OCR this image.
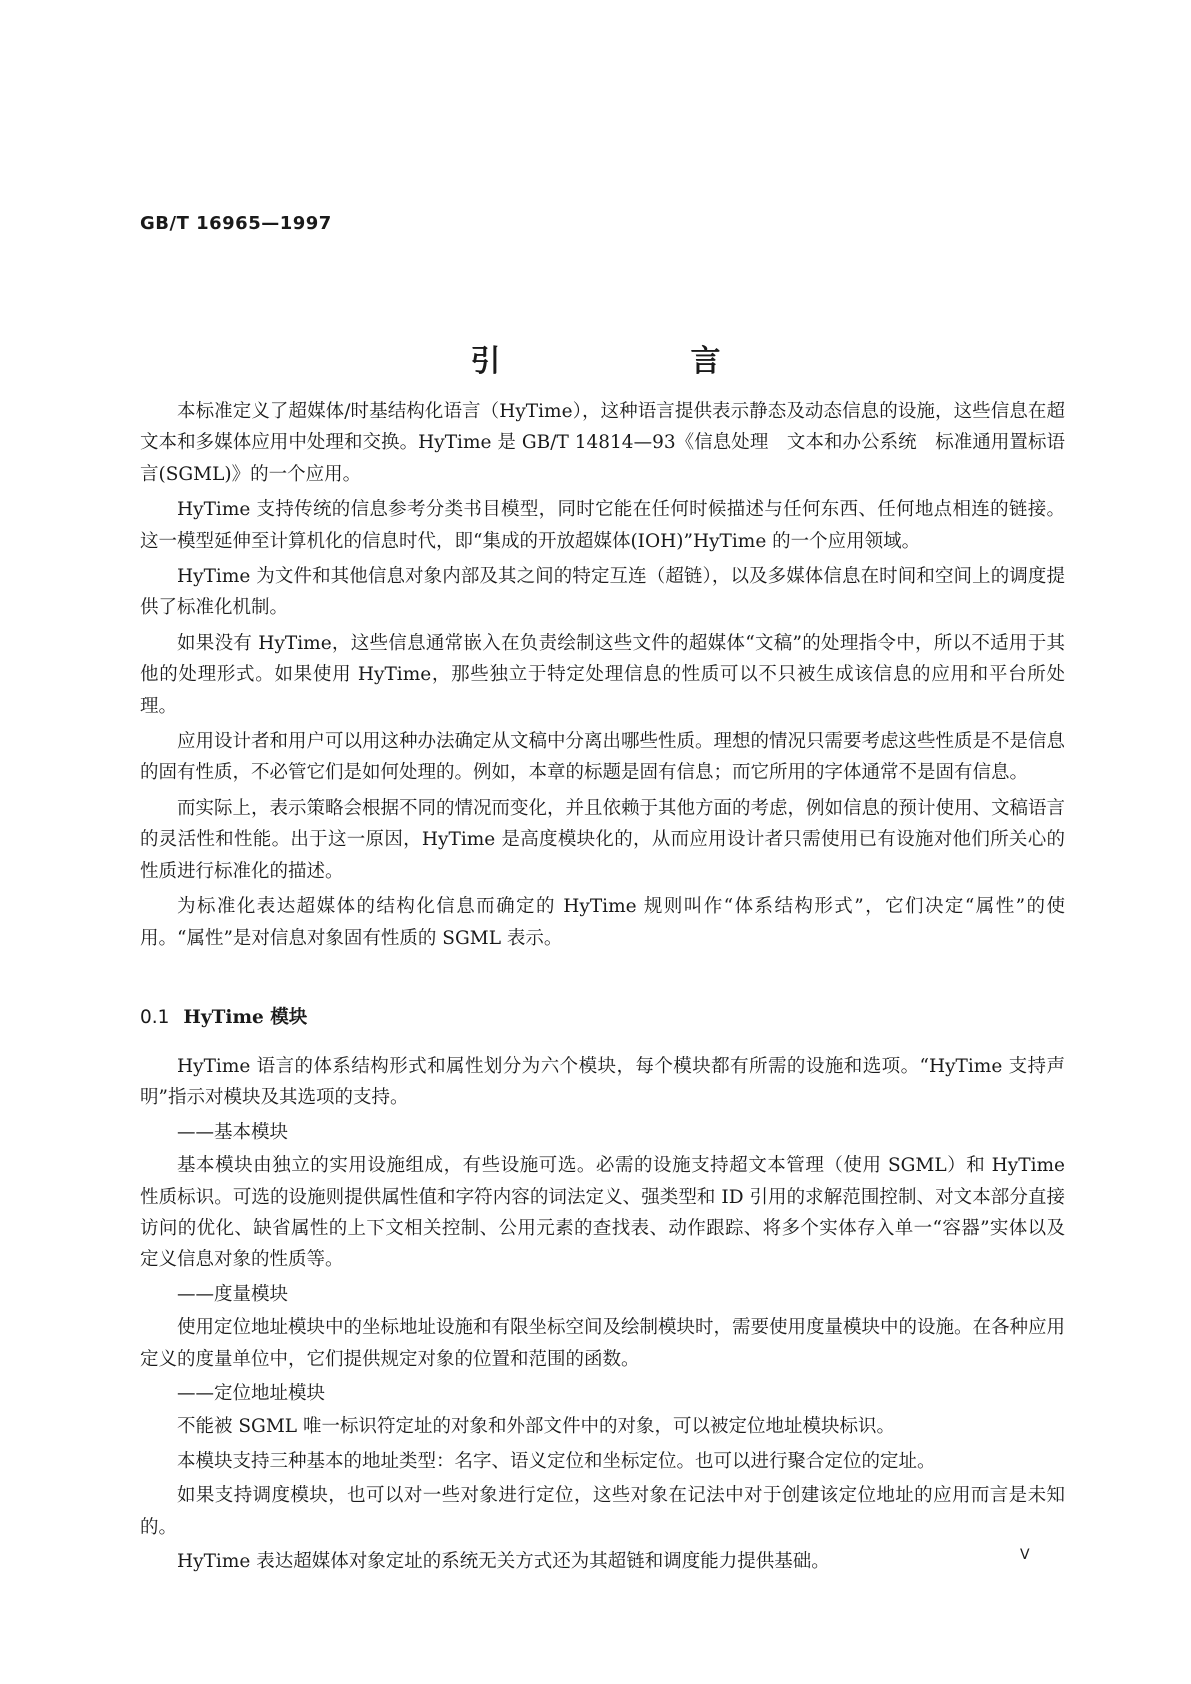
GB/T 16965—1997
引　言

本标准定义了超媒体/时基结构化语言（HyTime），这种语言提供表示静态及动态信息的设施，这些信息在超文本和多媒体应用中处理和交换。HyTime 是 GB/T 14814—93《信息处理　文本和办公系统　标准通用置标语言(SGML)》的一个应用。

HyTime 支持传统的信息参考分类书目模型，同时它能在任何时候描述与任何东西、任何地点相连的链接。这一模型延伸至计算机化的信息时代，即“集成的开放超媒体(IOH)”HyTime 的一个应用领域。

HyTime 为文件和其他信息对象内部及其之间的特定互连（超链），以及多媒体信息在时间和空间上的调度提供了标准化机制。

如果没有 HyTime，这些信息通常嵌入在负责绘制这些文件的超媒体“文稿”的处理指令中，所以不适用于其他的处理形式。如果使用 HyTime，那些独立于特定处理信息的性质可以不只被生成该信息的应用和平台所处理。

应用设计者和用户可以用这种办法确定从文稿中分离出哪些性质。理想的情况只需要考虑这些性质是不是信息的固有性质，不必管它们是如何处理的。例如，本章的标题是固有信息；而它所用的字体通常不是固有信息。

而实际上，表示策略会根据不同的情况而变化，并且依赖于其他方面的考虑，例如信息的预计使用、文稿语言的灵活性和性能。出于这一原因，HyTime 是高度模块化的，从而应用设计者只需使用已有设施对他们所关心的性质进行标准化的描述。

为标准化表达超媒体的结构化信息而确定的 HyTime 规则叫作“体系结构形式”，它们决定“属性”的使用。“属性”是对信息对象固有性质的 SGML 表示。

0.1 HyTime 模块

HyTime 语言的体系结构形式和属性划分为六个模块，每个模块都有所需的设施和选项。“HyTime 支持声明”指示对模块及其选项的支持。

——基本模块

基本模块由独立的实用设施组成，有些设施可选。必需的设施支持超文本管理（使用 SGML）和 HyTime 性质标识。可选的设施则提供属性值和字符内容的词法定义、强类型和 ID 引用的求解范围控制、对文本部分直接访问的优化、缺省属性的上下文相关控制、公用元素的查找表、动作跟踪、将多个实体存入单一“容器”实体以及定义信息对象的性质等。

——度量模块

使用定位地址模块中的坐标地址设施和有限坐标空间及绘制模块时，需要使用度量模块中的设施。在各种应用定义的度量单位中，它们提供规定对象的位置和范围的函数。

——定位地址模块

不能被 SGML 唯一标识符定址的对象和外部文件中的对象，可以被定位地址模块标识。

本模块支持三种基本的地址类型：名字、语义定位和坐标定位。也可以进行聚合定位的定址。

如果支持调度模块，也可以对一些对象进行定位，这些对象在记法中对于创建该定位地址的应用而言是未知的。

HyTime 表达超媒体对象定址的系统无关方式还为其超链和调度能力提供基础。	V
